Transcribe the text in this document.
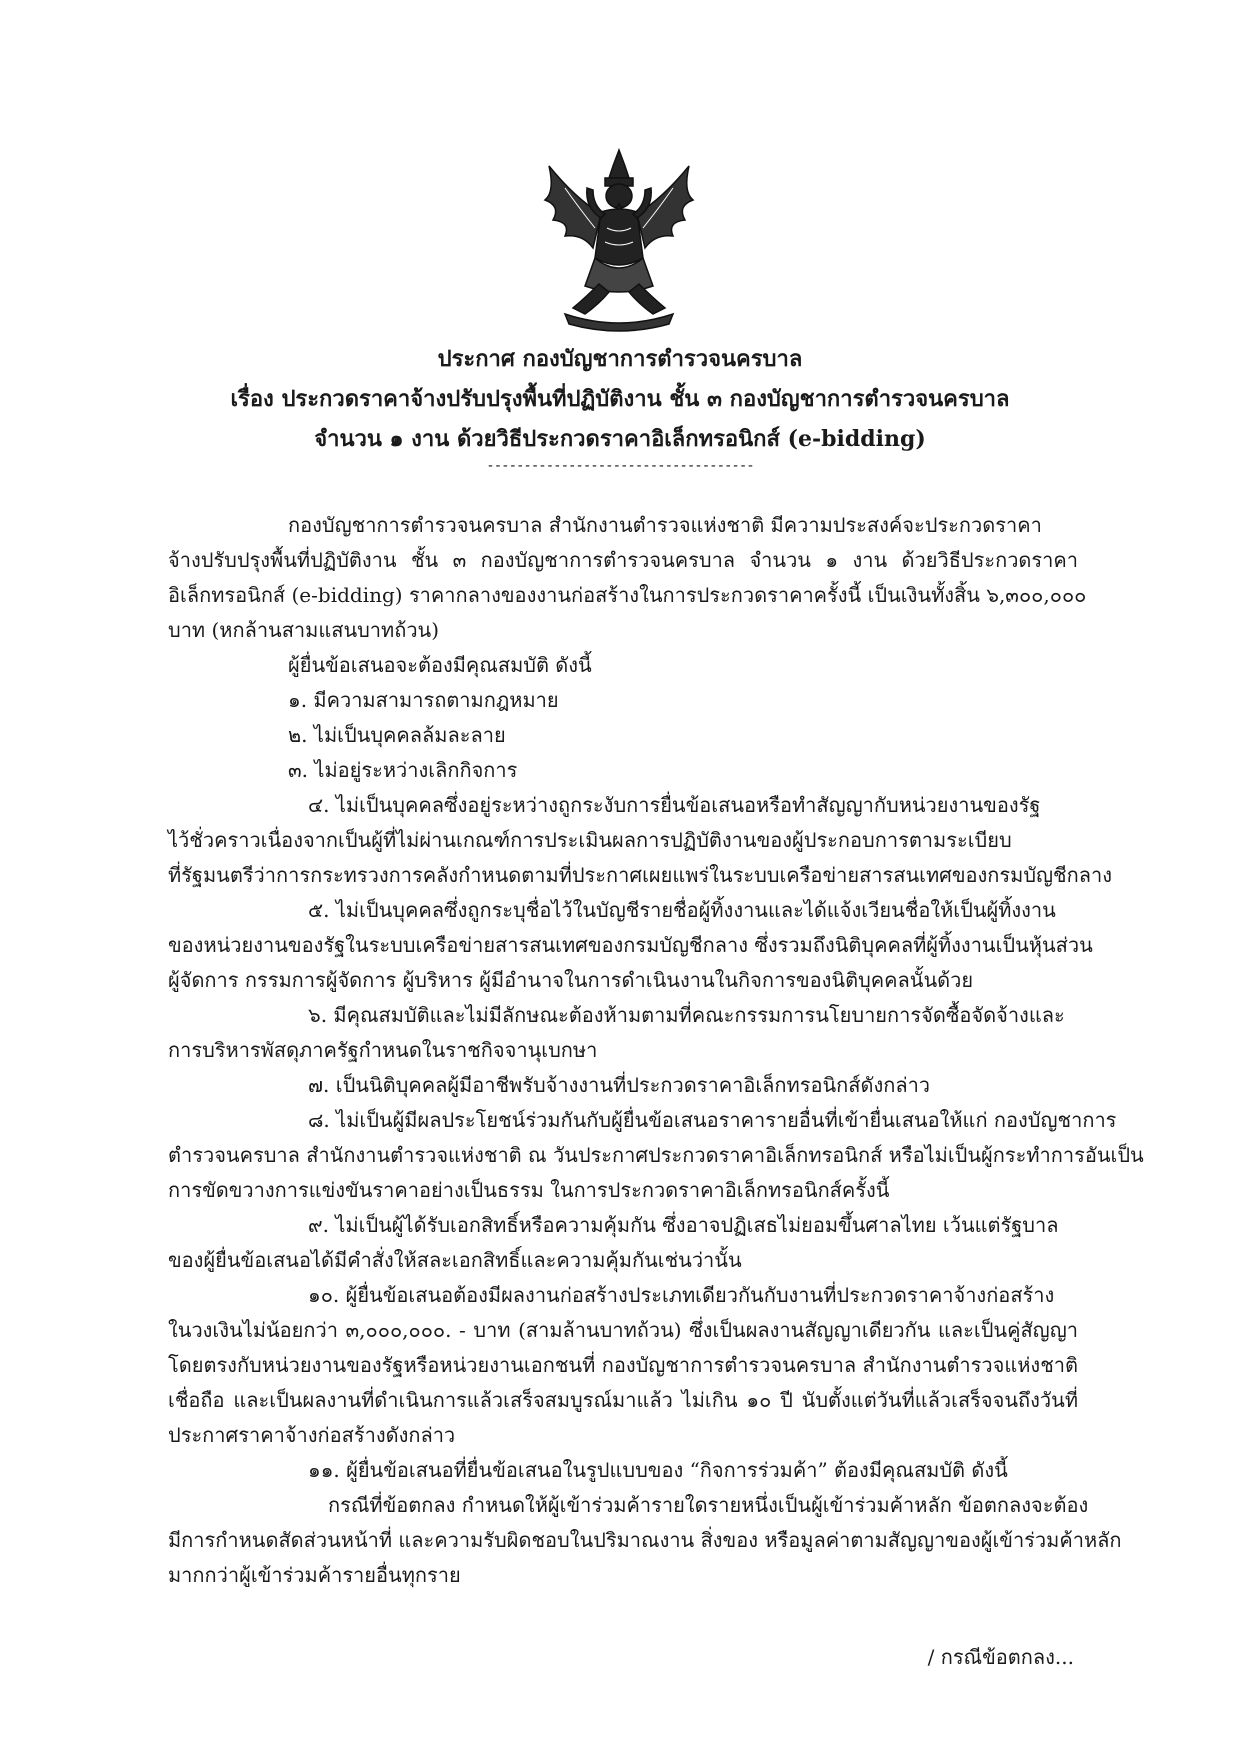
ประกาศ กองบัญชาการตำรวจนครบาล
เรื่อง ประกวดราคาจ้างปรับปรุงพื้นที่ปฏิบัติงาน ชั้น ๓ กองบัญชาการตำรวจนครบาล
จำนวน ๑ งาน ด้วยวิธีประกวดราคาอิเล็กทรอนิกส์ (e-bidding)
------------------------------------
กองบัญชาการตำรวจนครบาล สำนักงานตำรวจแห่งชาติ มีความประสงค์จะประกวดราคา
จ้างปรับปรุงพื้นที่ปฏิบัติงาน ชั้น ๓ กองบัญชาการตำรวจนครบาล จำนวน ๑ งาน ด้วยวิธีประกวดราคา
อิเล็กทรอนิกส์ (e-bidding) ราคากลางของงานก่อสร้างในการประกวดราคาครั้งนี้ เป็นเงินทั้งสิ้น ๖,๓๐๐,๐๐๐
บาท (หกล้านสามแสนบาทถ้วน)
ผู้ยื่นข้อเสนอจะต้องมีคุณสมบัติ ดังนี้
๑. มีความสามารถตามกฎหมาย
๒. ไม่เป็นบุคคลล้มละลาย
๓. ไม่อยู่ระหว่างเลิกกิจการ
๔. ไม่เป็นบุคคลซึ่งอยู่ระหว่างถูกระงับการยื่นข้อเสนอหรือทำสัญญากับหน่วยงานของรัฐ
ไว้ชั่วคราวเนื่องจากเป็นผู้ที่ไม่ผ่านเกณฑ์การประเมินผลการปฏิบัติงานของผู้ประกอบการตามระเบียบ
ที่รัฐมนตรีว่าการกระทรวงการคลังกำหนดตามที่ประกาศเผยแพร่ในระบบเครือข่ายสารสนเทศของกรมบัญชีกลาง
๕. ไม่เป็นบุคคลซึ่งถูกระบุชื่อไว้ในบัญชีรายชื่อผู้ทิ้งงานและได้แจ้งเวียนชื่อให้เป็นผู้ทิ้งงาน
ของหน่วยงานของรัฐในระบบเครือข่ายสารสนเทศของกรมบัญชีกลาง ซึ่งรวมถึงนิติบุคคลที่ผู้ทิ้งงานเป็นหุ้นส่วน
ผู้จัดการ กรรมการผู้จัดการ ผู้บริหาร ผู้มีอำนาจในการดำเนินงานในกิจการของนิติบุคคลนั้นด้วย
๖. มีคุณสมบัติและไม่มีลักษณะต้องห้ามตามที่คณะกรรมการนโยบายการจัดซื้อจัดจ้างและ
การบริหารพัสดุภาครัฐกำหนดในราชกิจจานุเบกษา
๗. เป็นนิติบุคคลผู้มีอาชีพรับจ้างงานที่ประกวดราคาอิเล็กทรอนิกส์ดังกล่าว
๘. ไม่เป็นผู้มีผลประโยชน์ร่วมกันกับผู้ยื่นข้อเสนอราคารายอื่นที่เข้ายื่นเสนอให้แก่ กองบัญชาการ
ตำรวจนครบาล สำนักงานตำรวจแห่งชาติ ณ วันประกาศประกวดราคาอิเล็กทรอนิกส์ หรือไม่เป็นผู้กระทำการอันเป็น
การขัดขวางการแข่งขันราคาอย่างเป็นธรรม ในการประกวดราคาอิเล็กทรอนิกส์ครั้งนี้
๙. ไม่เป็นผู้ได้รับเอกสิทธิ์หรือความคุ้มกัน ซึ่งอาจปฏิเสธไม่ยอมขึ้นศาลไทย เว้นแต่รัฐบาล
ของผู้ยื่นข้อเสนอได้มีคำสั่งให้สละเอกสิทธิ์และความคุ้มกันเช่นว่านั้น
๑๐. ผู้ยื่นข้อเสนอต้องมีผลงานก่อสร้างประเภทเดียวกันกับงานที่ประกวดราคาจ้างก่อสร้าง
ในวงเงินไม่น้อยกว่า ๓,๐๐๐,๐๐๐. - บาท (สามล้านบาทถ้วน) ซึ่งเป็นผลงานสัญญาเดียวกัน และเป็นคู่สัญญา
โดยตรงกับหน่วยงานของรัฐหรือหน่วยงานเอกชนที่ กองบัญชาการตำรวจนครบาล สำนักงานตำรวจแห่งชาติ
เชื่อถือ และเป็นผลงานที่ดำเนินการแล้วเสร็จสมบูรณ์มาแล้ว ไม่เกิน ๑๐ ปี นับตั้งแต่วันที่แล้วเสร็จจนถึงวันที่
ประกาศราคาจ้างก่อสร้างดังกล่าว
๑๑. ผู้ยื่นข้อเสนอที่ยื่นข้อเสนอในรูปแบบของ “กิจการร่วมค้า” ต้องมีคุณสมบัติ ดังนี้
กรณีที่ข้อตกลง กำหนดให้ผู้เข้าร่วมค้ารายใดรายหนึ่งเป็นผู้เข้าร่วมค้าหลัก ข้อตกลงจะต้อง
มีการกำหนดสัดส่วนหน้าที่ และความรับผิดชอบในปริมาณงาน สิ่งของ หรือมูลค่าตามสัญญาของผู้เข้าร่วมค้าหลัก
มากกว่าผู้เข้าร่วมค้ารายอื่นทุกราย
/ กรณีข้อตกลง...
